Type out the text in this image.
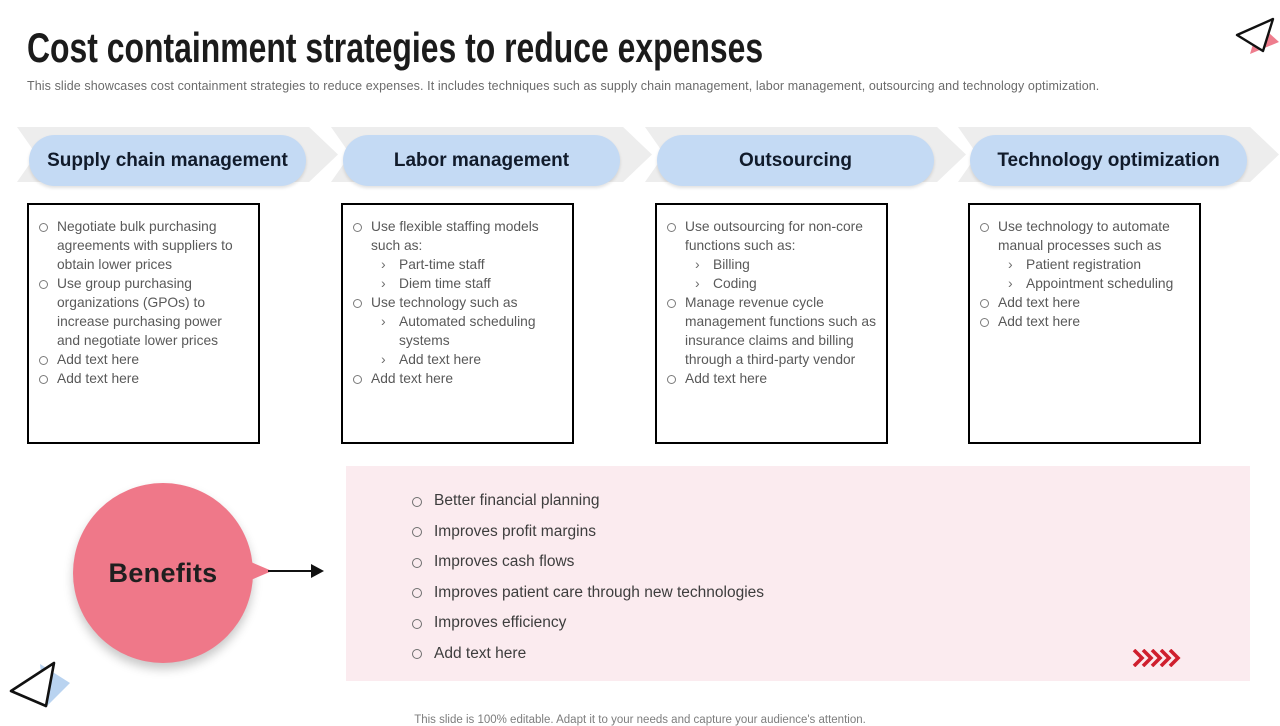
Cost containment strategies to reduce expenses

This slide showcases cost containment strategies to reduce expenses. It includes techniques such as supply chain management, labor management, outsourcing and technology optimization.

Supply chain management
Negotiate bulk purchasing agreements with suppliers to obtain lower prices
Use group purchasing organizations (GPOs) to increase purchasing power and negotiate lower prices
Add text here
Add text here
Labor management
Use flexible staffing models such as:
› Part-time staff
› Diem time staff
Use technology such as
› Automated scheduling systems
› Add text here
Add text here
Outsourcing
Use outsourcing for non-core functions such as:
› Billing
› Coding
Manage revenue cycle management functions such as insurance claims and billing through a third-party vendor
Add text here
Technology optimization
Use technology to automate manual processes such as
› Patient registration
› Appointment scheduling
Add text here
Add text here
Benefits
Better financial planning
Improves profit margins
Improves cash flows
Improves patient care through new technologies
Improves efficiency
Add text here

This slide is 100% editable. Adapt it to your needs and capture your audience's attention.
